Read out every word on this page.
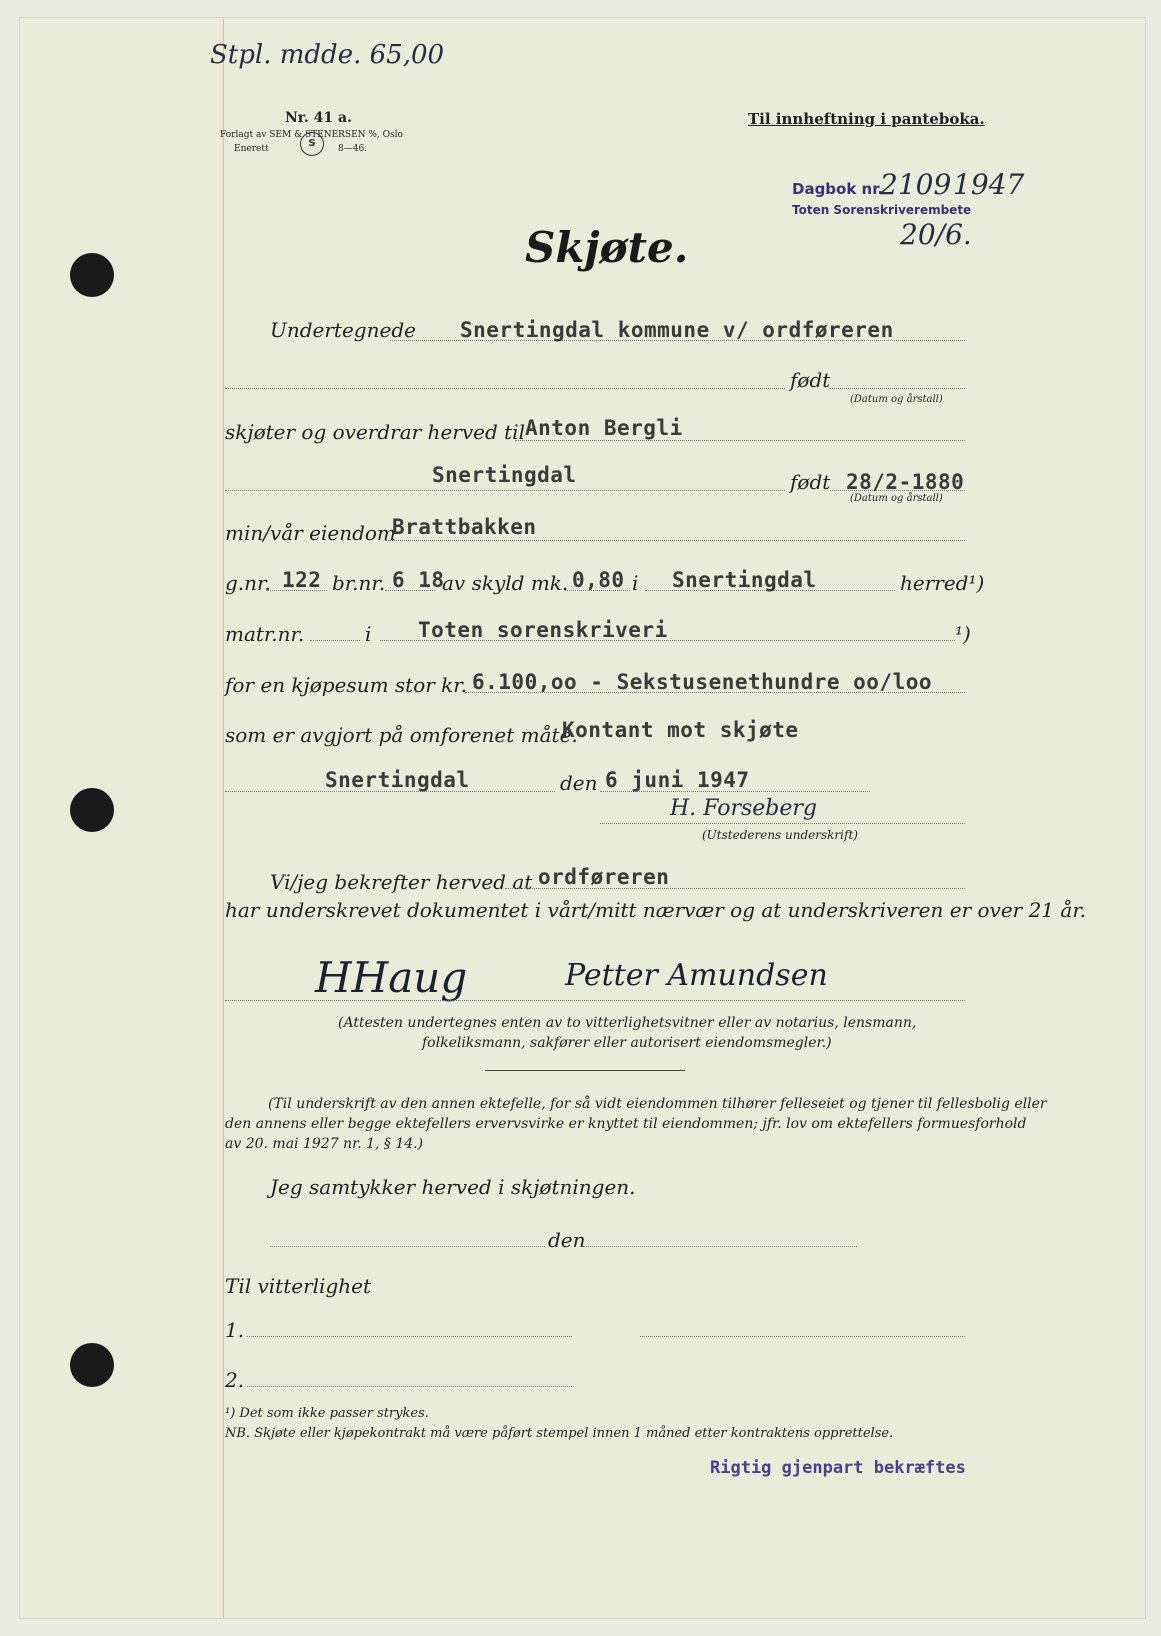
Stpl. mdde. 65,00
Nr. 41 a.
Forlagt av SEM & STENERSEN %, Oslo
Enerett	S	8—46.
Til innheftning i panteboka.
Dagbok nr.
2109 1947
Toten Sorenskriverembete
20/6.
Skjøte.
Undertegnede Snertingdal kommune v/ ordføreren
født
(Datum og årstall)
skjøter og overdrar herved til Anton Bergli
Snertingdal	født 28/2-1880
(Datum og årstall)
min/vår eiendom
Brattbakken
g.nr. 122 br.nr. 6 18
av skyld mk. 0,80 i Snertingdal	herred¹)
matr.nr.	i Toten sorenskriveri	¹)
for en kjøpesum stor kr. 6.100,oo - Sekstusenethundre oo/loo
som er avgjort på omforenet måte.
Kontant mot skjøte
Snertingdal	den 6 juni 1947
H. Forseberg
(Utstederens underskrift)
Vi/jeg bekrefter herved at ordføreren
har underskrevet dokumentet i vårt/mitt nærvær og at underskriveren er over 21 år.
HHaug	Petter Amundsen
(Attesten undertegnes enten av to vitterlighetsvitner eller av notarius, lensmann,
folkeliksmann, sakfører eller autorisert eiendomsmegler.)
(Til underskrift av den annen ektefelle, for så vidt eiendommen tilhører felleseiet og tjener til fellesbolig eller
den annens eller begge ektefellers ervervsvirke er knyttet til eiendommen; jfr. lov om ektefellers formuesforhold
av 20. mai 1927 nr. 1, § 14.)
Jeg samtykker herved i skjøtningen.
den
Til vitterlighet
1.
2.
¹) Det som ikke passer strykes.
NB. Skjøte eller kjøpekontrakt må være påført stempel innen 1 måned etter kontraktens opprettelse.
Rigtig gjenpart bekræftes
